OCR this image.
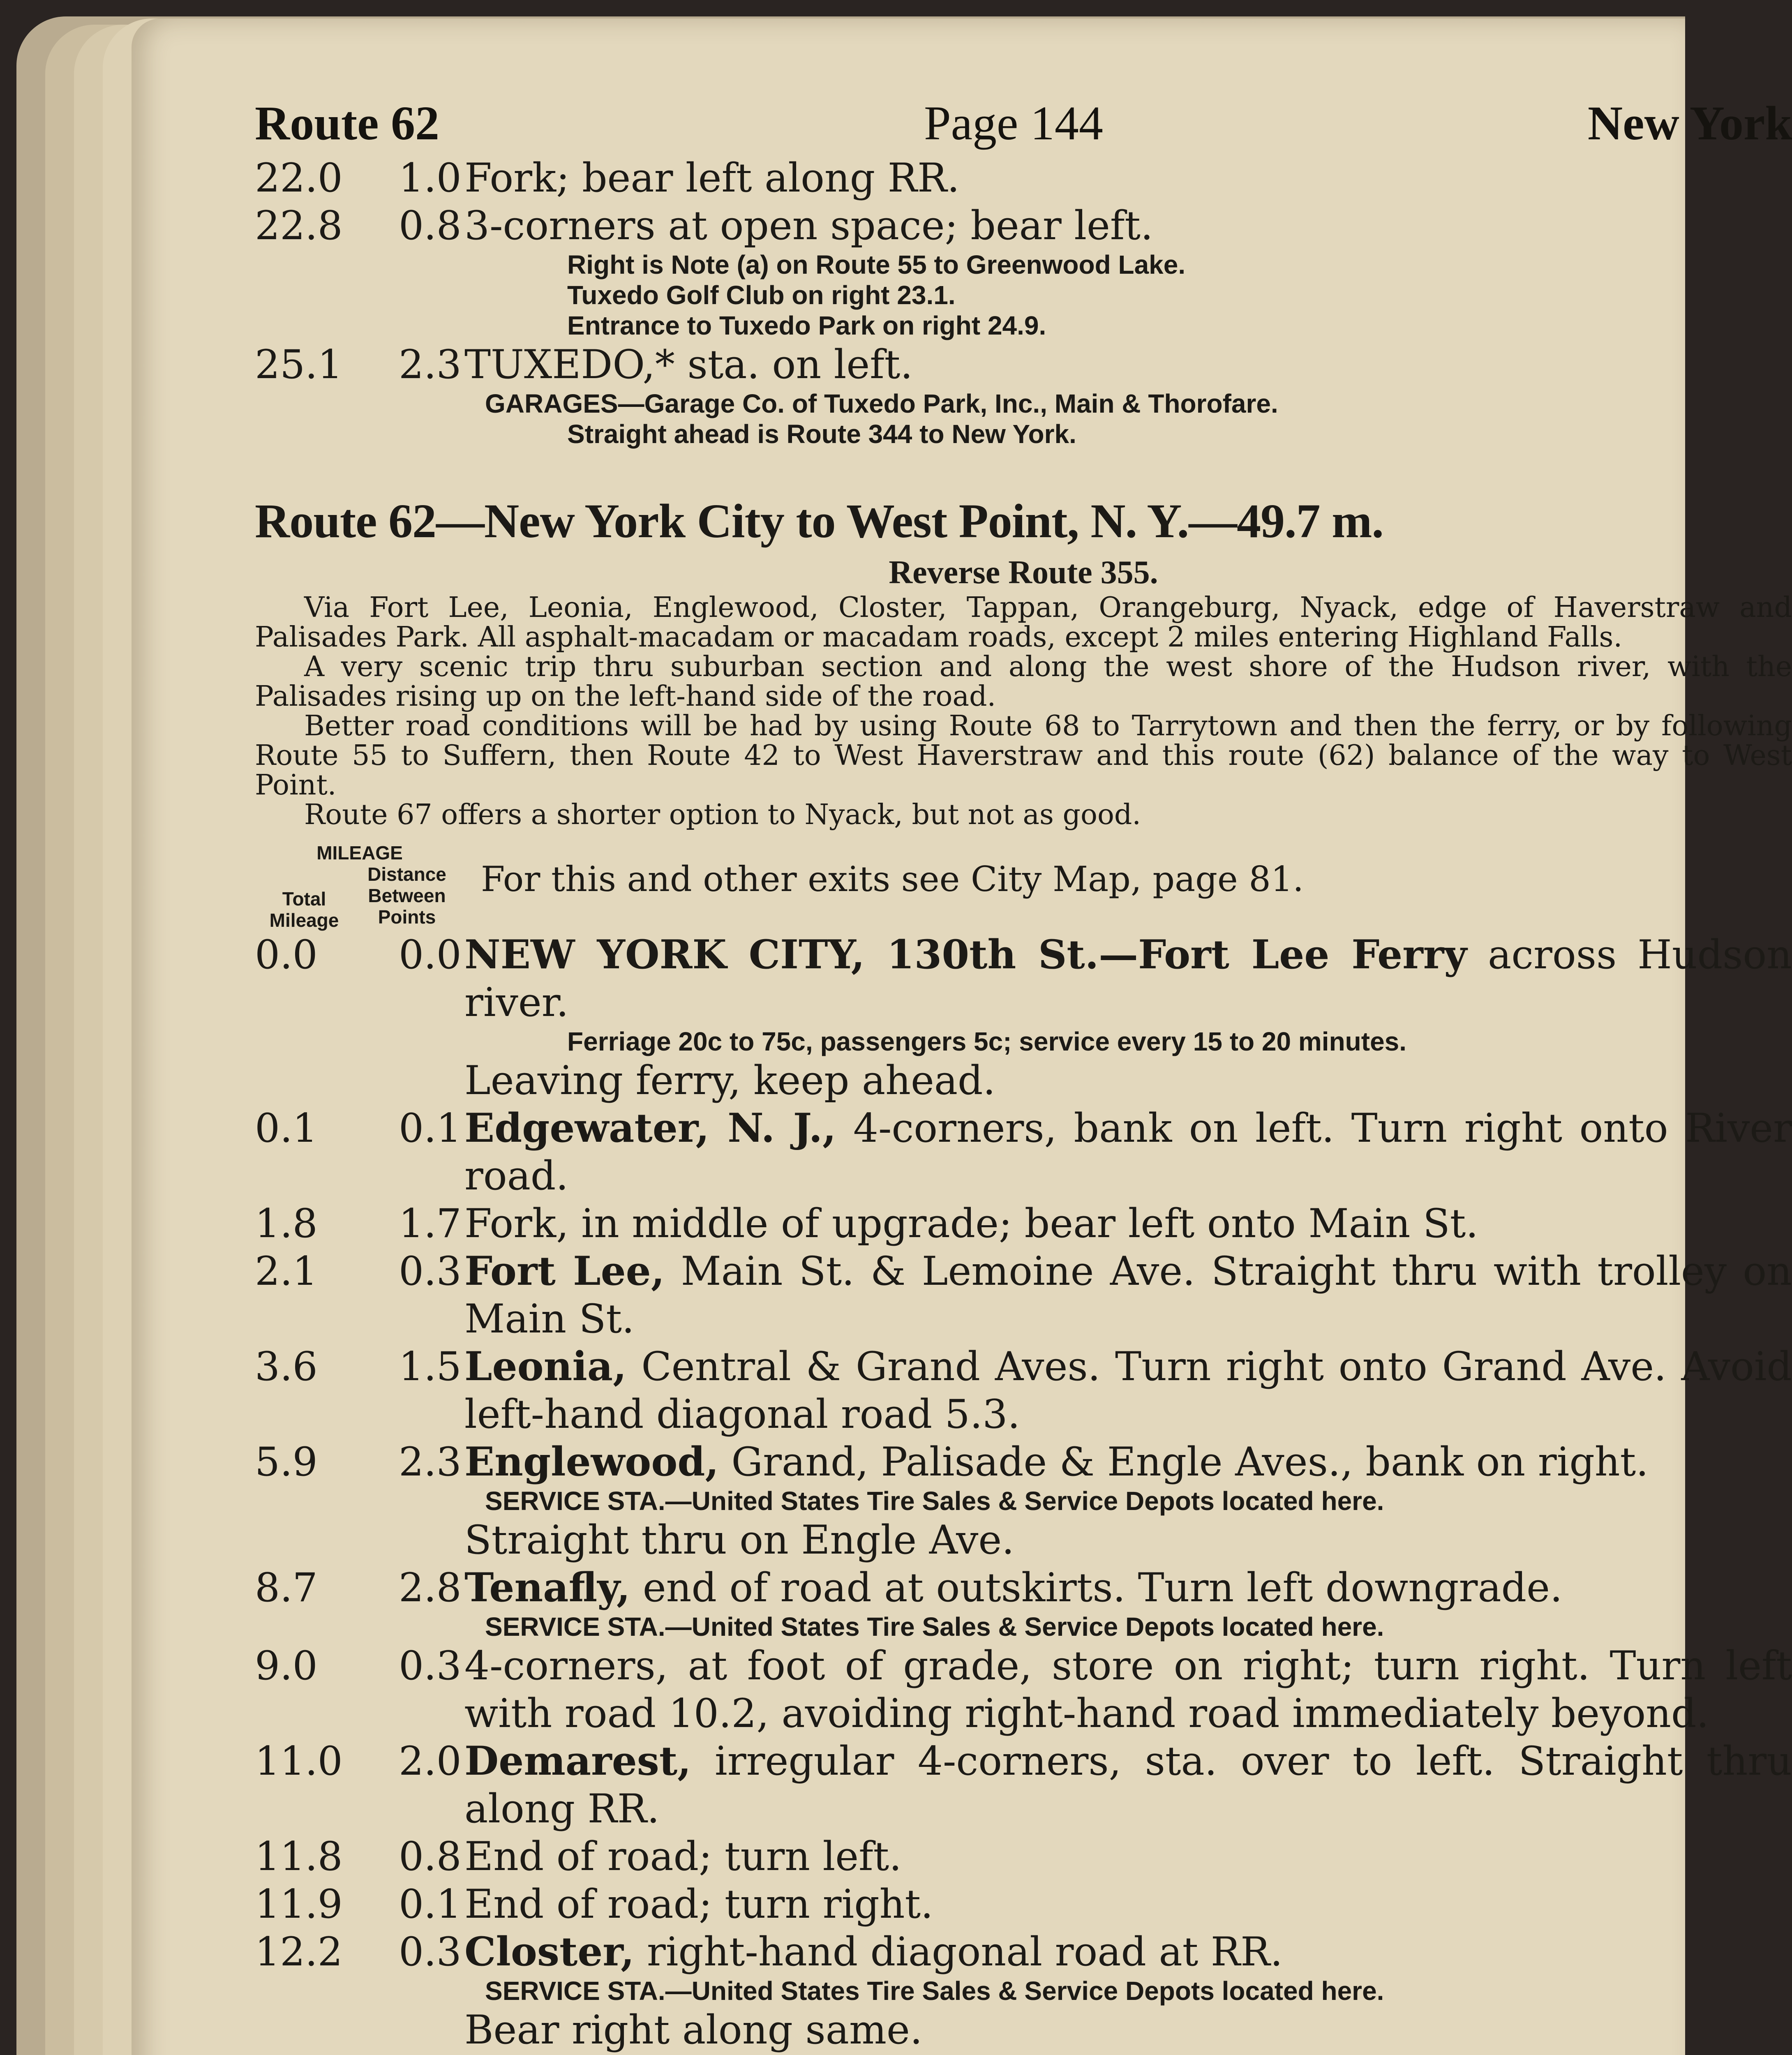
Route 62	Page 144	New York
22.0	1.0 Fork; bear left along RR.
22.8	0.8 3-corners at open space; bear left.
Right is Note (a) on Route 55 to Greenwood Lake.
Tuxedo Golf Club on right 23.1.
Entrance to Tuxedo Park on right 24.9.
25.1	2.3 TUXEDO,* sta. on left.
GARAGES—Garage Co. of Tuxedo Park, Inc., Main & Thorofare.
Straight ahead is Route 344 to New York.
Route 62—New York City to West Point, N. Y.—49.7 m.
Reverse Route 355.

Via Fort Lee, Leonia, Englewood, Closter, Tappan, Orangeburg, Nyack, edge of Haverstraw and Palisades Park. All asphalt-macadam or macadam roads, except 2 miles entering Highland Falls.

A very scenic trip thru suburban section and along the west shore of the Hudson river, with the Palisades rising up on the left-hand side of the road.

Better road conditions will be had by using Route 68 to Tarrytown and then the ferry, or by following Route 55 to Suffern, then Route 42 to West Haverstraw and this route (62) balance of the way to West Point.

Route 67 offers a shorter option to Nyack, but not as good.

MILEAGE
Total Mileage
Distance Between Points
For this and other exits see City Map, page 81.
0.0	0.0 NEW YORK CITY, 130th St.—Fort Lee Ferry across Hudson river.
Ferriage 20c to 75c, passengers 5c; service every 15 to 20 minutes.
Leaving ferry, keep ahead.
0.1	0.1 Edgewater, N. J., 4-corners, bank on left. Turn right onto River road.
1.8	1.7 Fork, in middle of upgrade; bear left onto Main St.
2.1	0.3 Fort Lee, Main St. & Lemoine Ave. Straight thru with trolley on Main St.
3.6	1.5 Leonia, Central & Grand Aves. Turn right onto Grand Ave. Avoid left-hand diagonal road 5.3.
5.9	2.3 Englewood, Grand, Palisade & Engle Aves., bank on right.
SERVICE STA.—United States Tire Sales & Service Depots located here.
Straight thru on Engle Ave.
8.7	2.8 Tenafly, end of road at outskirts. Turn left downgrade.
SERVICE STA.—United States Tire Sales & Service Depots located here.
9.0	0.3 4-corners, at foot of grade, store on right; turn right. Turn left with road 10.2, avoiding right-hand road immediately beyond.
11.0	2.0 Demarest, irregular 4-corners, sta. over to left. Straight thru along RR.
11.8	0.8 End of road; turn left.
11.9	0.1 End of road; turn right.
12.2	0.3 Closter, right-hand diagonal road at RR.
SERVICE STA.—United States Tire Sales & Service Depots located here.
Bear right along same.
